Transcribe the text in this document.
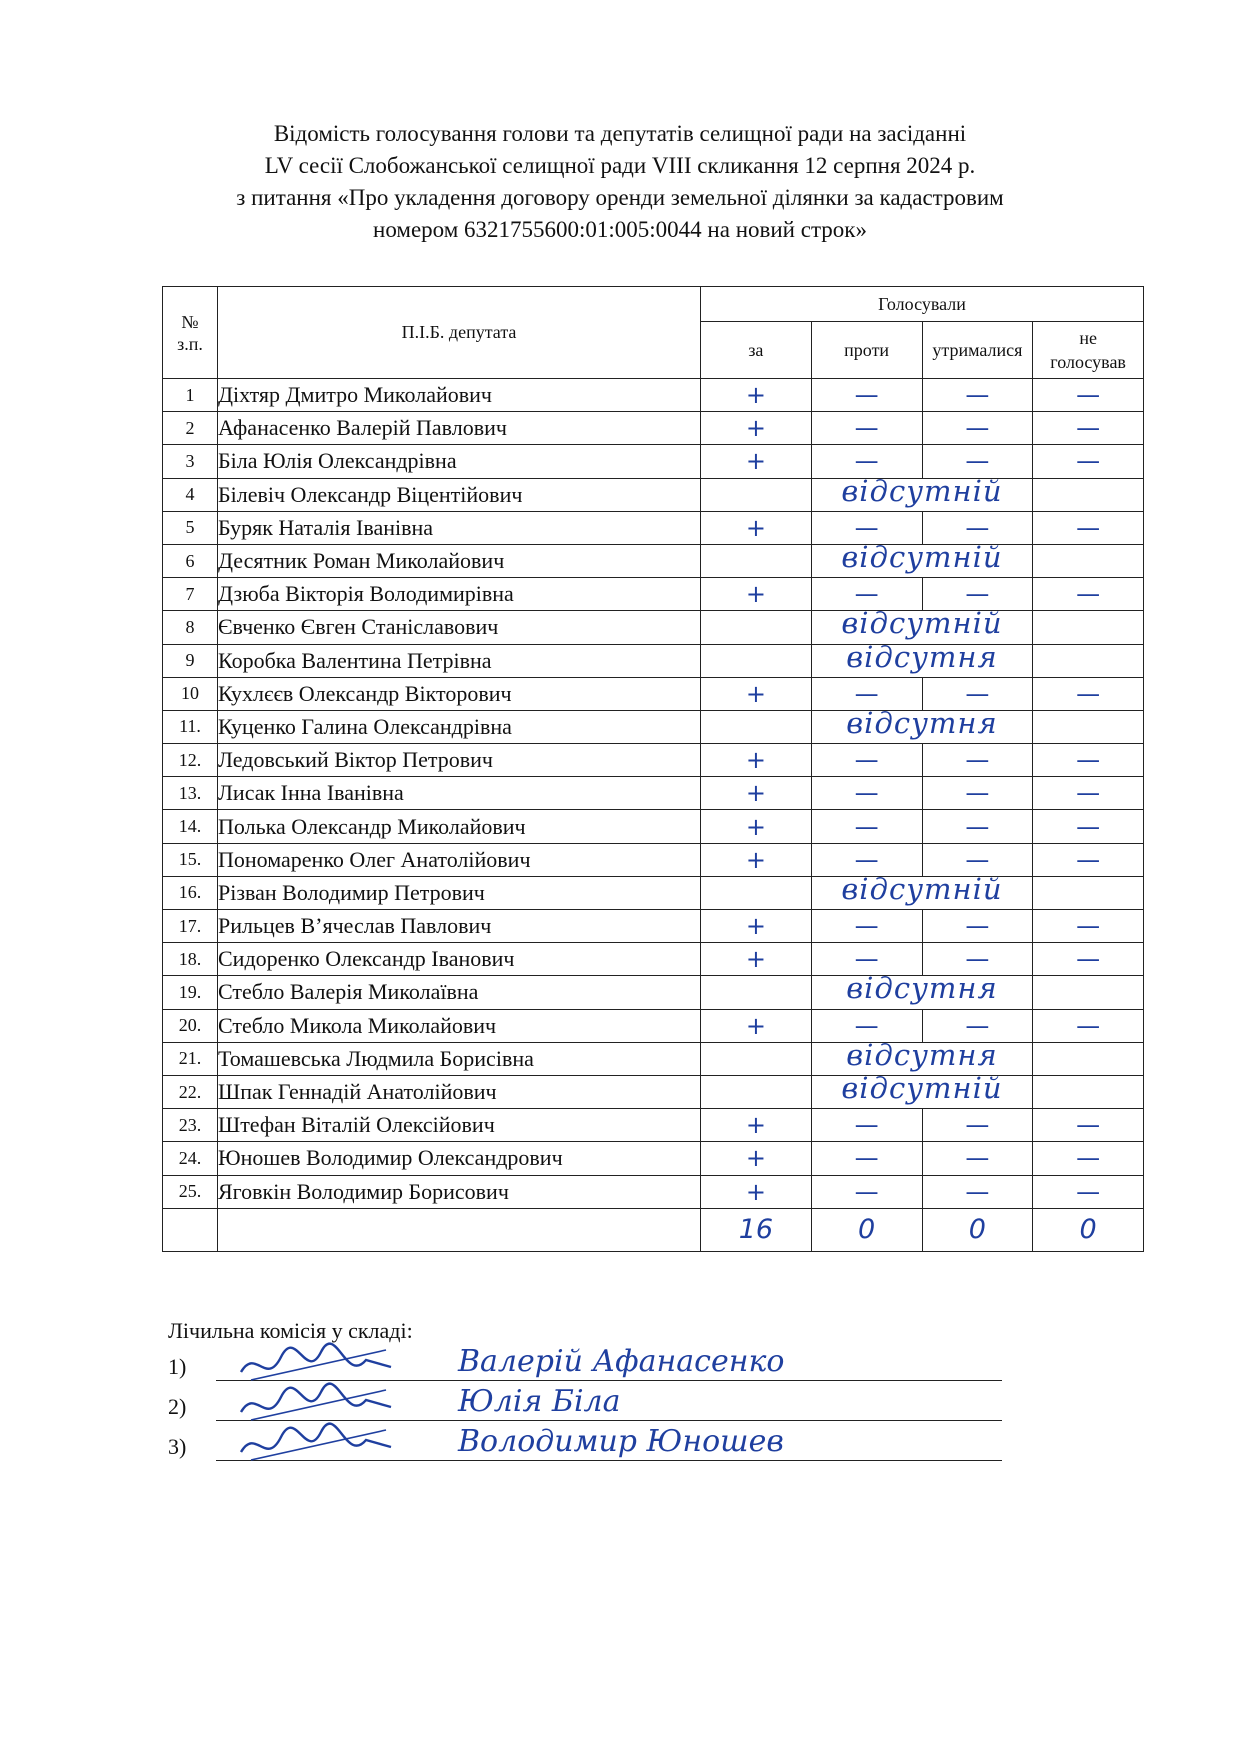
Відомість голосування голови та депутатів селищної ради на засіданні
LV сесії Слобожанської селищної ради VIII скликання 12 серпня 2024 р.
з питання «Про укладення договору оренди земельної ділянки за кадастровим
номером 6321755600:01:005:0044 на новий строк»
№
з.п.	П.І.Б. депутата	Голосували			
		за	проти	утрималися	не
голосував

1	Діхтяр Дмитро Миколайович	+	—	—	—
2	Афанасенко Валерій Павлович	+	—	—	—
3	Біла Юлія Олександрівна	+	—	—	—
4	Білевіч Олександр Віцентійович		відсутній		

5	Буряк Наталія Іванівна	+	—	—	—
6	Десятник Роман Миколайович		відсутній		

7	Дзюба Вікторія Володимирівна	+	—	—	—
8	Євченко Євген Станіславович		відсутній		

9	Коробка Валентина Петрівна		відсутня		

10	Кухлєєв Олександр Вікторович	+	—	—	—
11.	Куценко Галина Олександрівна		відсутня		

12.	Ледовський Віктор Петрович	+	—	—	—
13.	Лисак Інна Іванівна	+	—	—	—
14.	Полька Олександр Миколайович	+	—	—	—
15.	Пономаренко Олег Анатолійович	+	—	—	—
16.	Різван Володимир Петрович		відсутній		

17.	Рильцев В’ячеслав Павлович	+	—	—	—
18.	Сидоренко Олександр Іванович	+	—	—	—
19.	Стебло Валерія Миколаївна		відсутня		

20.	Стебло Микола Миколайович	+	—	—	—
21.	Томашевська Людмила Борисівна		відсутня		

22.	Шпак Геннадій Анатолійович		відсутній		

23.	Штефан Віталій Олексійович	+	—	—	—
24.	Юношев Володимир Олександрович	+	—	—	—
25.	Яговкін Володимир Борисович	+	—	—	—
		16	0	0	0
Лічильна комісія у складі:
1)	Валерій Афанасенко
2)	Юлія Біла
3)	Володимир Юношев
